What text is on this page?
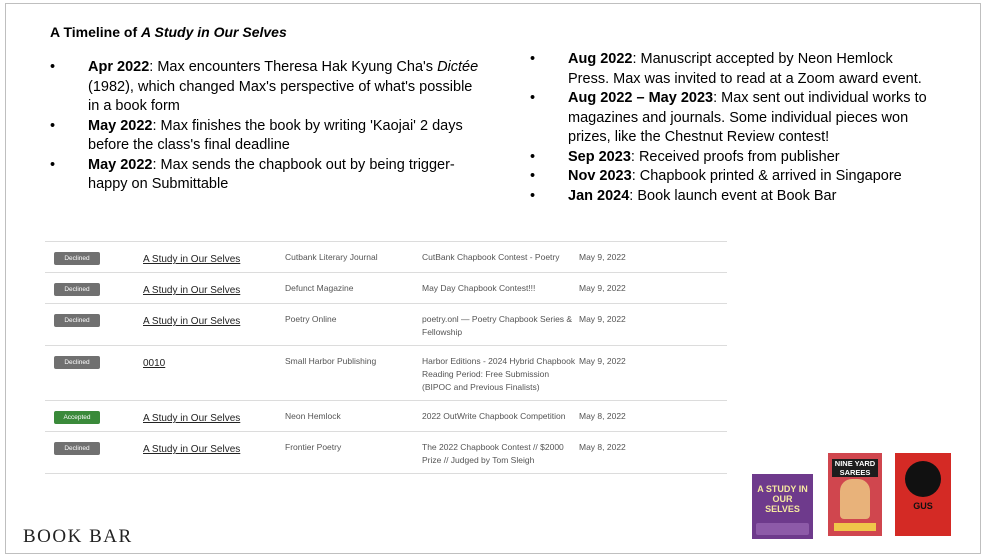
A Timeline of A Study in Our Selves
• Apr 2022: Max encounters Theresa Hak Kyung Cha's Dictée (1982), which changed Max's perspective of what's possible in a book form
• May 2022: Max finishes the book by writing 'Kaojai' 2 days before the class's final deadline
• May 2022: Max sends the chapbook out by being trigger-happy on Submittable
• Aug 2022: Manuscript accepted by Neon Hemlock Press. Max was invited to read at a Zoom award event.
• Aug 2022 – May 2023: Max sent out individual works to magazines and journals. Some individual pieces won prizes, like the Chestnut Review contest!
• Sep 2023: Received proofs from publisher
• Nov 2023: Chapbook printed & arrived in Singapore
• Jan 2024: Book launch event at Book Bar
Declined	A Study in Our Selves	Cutbank Literary Journal	CutBank Chapbook Contest - Poetry	May 9, 2022
Declined	A Study in Our Selves	Defunct Magazine	May Day Chapbook Contest!!!	May 9, 2022
Declined	A Study in Our Selves	Poetry Online	poetry.onl — Poetry Chapbook Series & Fellowship	May 9, 2022
Declined	0010	Small Harbor Publishing	Harbor Editions - 2024 Hybrid Chapbook Reading Period: Free Submission (BIPOC and Previous Finalists)	May 9, 2022
Accepted	A Study in Our Selves	Neon Hemlock	2022 OutWrite Chapbook Competition	May 8, 2022
Declined	A Study in Our Selves	Frontier Poetry	The 2022 Chapbook Contest // $2000 Prize // Judged by Tom Sleigh	May 8, 2022
BOOK BAR
A STUDY IN OUR SELVES
NINE YARD SAREES
GUS
